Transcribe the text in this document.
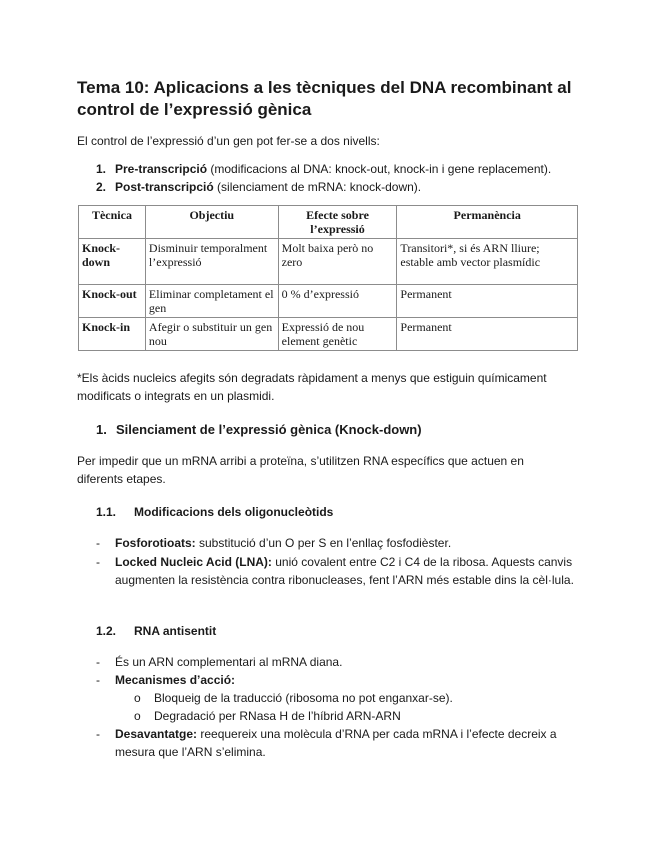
Tema 10: Aplicacions a les tècniques del DNA recombinant al control de l’expressió gènica

El control de l’expressió d’un gen pot fer-se a dos nivells:

1. Pre-transcripció (modificacions al DNA: knock-out, knock-in i gene replacement).
2. Post-transcripció (silenciament de mRNA: knock-down).
Tècnica	Objectiu	Efecte sobre l’expressió	Permanència
Knock-down	Disminuir temporalment l’expressió	Molt baixa però no zero	Transitori*, si és ARN lliure; estable amb vector plasmídic
Knock-out	Eliminar completament el gen	0 % d’expressió	Permanent
Knock-in	Afegir o substituir un gen nou	Expressió de nou element genètic	Permanent

*Els àcids nucleics afegits són degradats ràpidament a menys que estiguin químicament modificats o integrats en un plasmidi.

1. Silenciament de l’expressió gènica (Knock-down)

Per impedir que un mRNA arribi a proteïna, s’utilitzen RNA específics que actuen en diferents etapes.

1.1. Modificacions dels oligonucleòtids
- Fosforotioats: substitució d’un O per S en l’enllaç fosfodièster.
- Locked Nucleic Acid (LNA): unió covalent entre C2 i C4 de la ribosa. Aquests canvis augmenten la resistència contra ribonucleases, fent l’ARN més estable dins la cèl·lula.
1.2. RNA antisentit
- És un ARN complementari al mRNA diana.
- Mecanismes d’acció:
o Bloqueig de la traducció (ribosoma no pot enganxar-se).
o Degradació per RNasa H de l’híbrid ARN-ARN
- Desavantatge: reequereix una molècula d’RNA per cada mRNA i l’efecte decreix a mesura que l’ARN s’elimina.
